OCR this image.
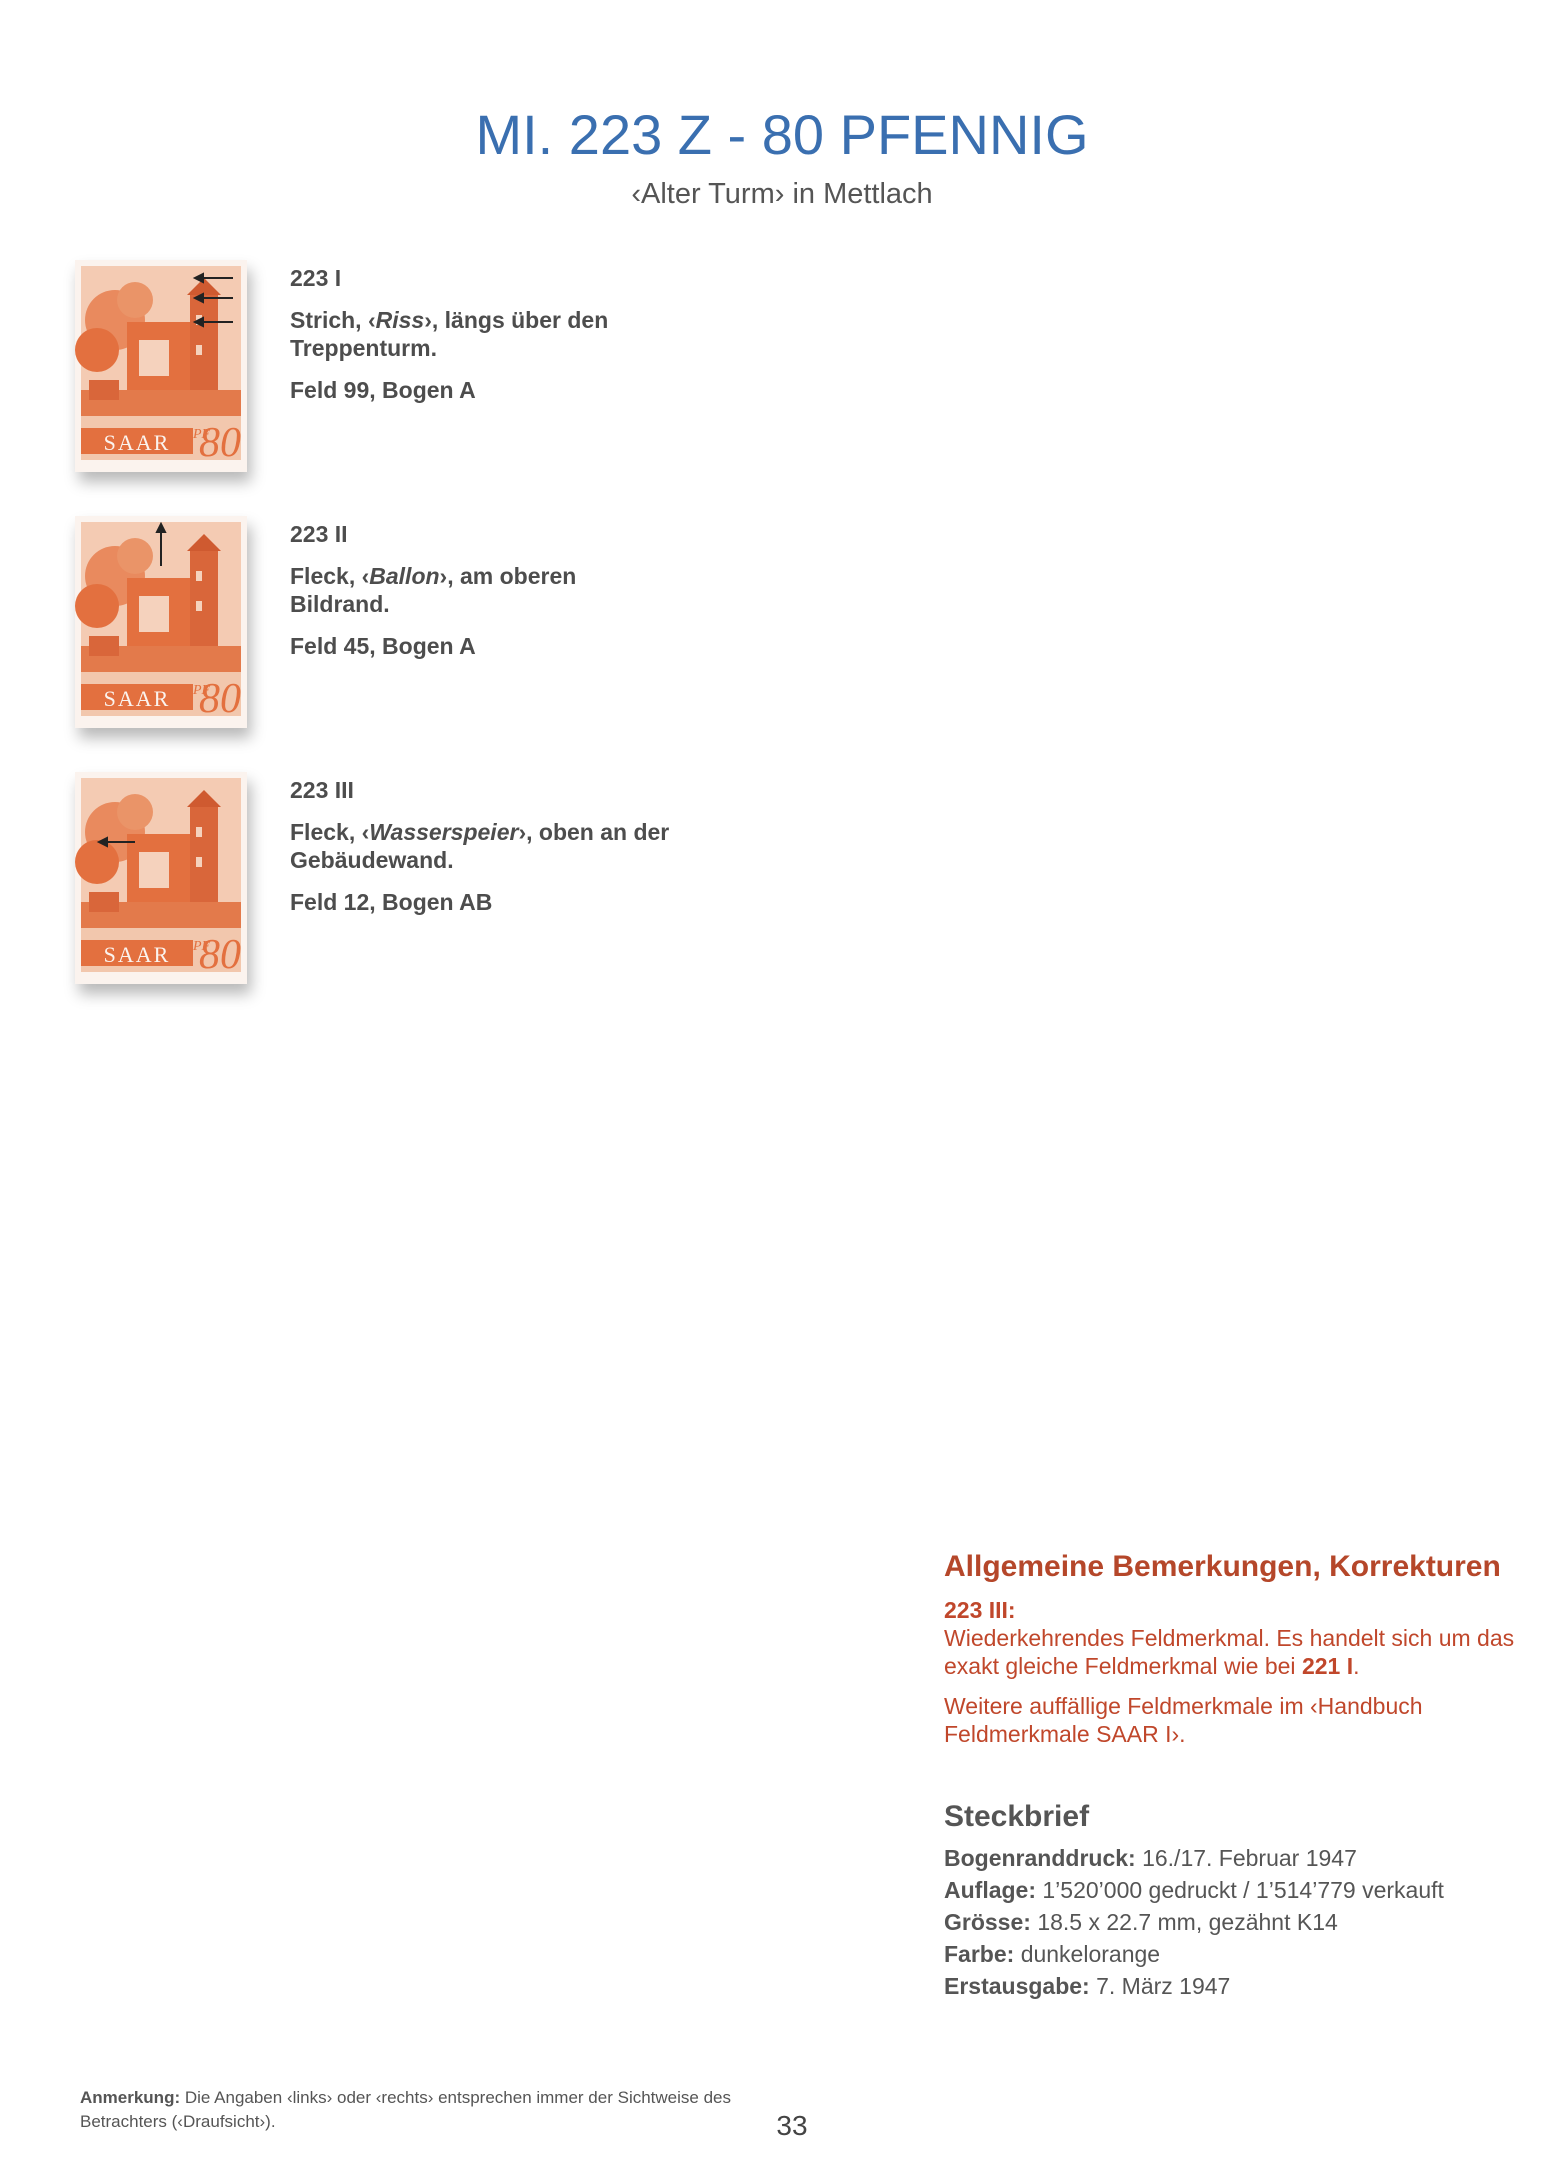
MI. 223 Z - 80 PFENNIG
‹Alter Turm› in Mettlach
223 I
Strich, ‹Riss›, längs über den Treppenturm.
Feld 99, Bogen A
223 II
Fleck, ‹Ballon›, am oberen Bildrand.
Feld 45, Bogen A
223 III
Fleck, ‹Wasserspeier›, oben an der Gebäudewand.
Feld 12, Bogen AB
Allgemeine Bemerkungen, Korrekturen
223 III:
Wiederkehrendes Feldmerkmal. Es handelt sich um das exakt gleiche Feldmerkmal wie bei 221 I.
Weitere auffällige Feldmerkmale im ‹Handbuch Feldmerkmale SAAR I›.
Steckbrief
Bogenranddruck: 16./17. Februar 1947
Auflage: 1’520’000 gedruckt / 1’514’779 verkauft
Grösse: 18.5 x 22.7 mm, gezähnt K14
Farbe: dunkelorange
Erstausgabe: 7. März 1947
Anmerkung: Die Angaben ‹links› oder ‹rechts› entsprechen immer der Sichtweise des Betrachters (‹Draufsicht›).	33
